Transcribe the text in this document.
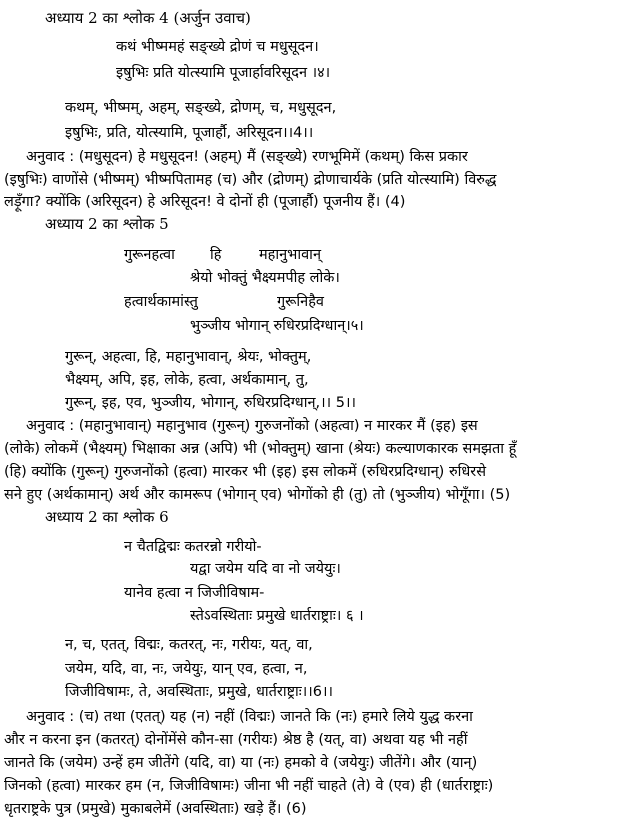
अध्याय 2 का श्लोक 4 (अर्जुन उवाच)
कथं भीष्ममहं सङ्ख्ये द्रोणं च मधुसूदन।
इषुभिः प्रति योत्स्यामि पूजार्हावरिसूदन ।४।
कथम्, भीष्मम्, अहम्, सङ्ख्ये, द्रोणम्, च, मधुसूदन,
इषुभिः, प्रति, योत्स्यामि, पूजार्हौ, अरिसूदन।।4।।
अनुवाद : (मधुसूदन) हे मधुसूदन! (अहम्) मैं (सङ्ख्ये) रणभूमिमें (कथम्) किस प्रकार
(इषुभिः) वाणोंसे (भीष्मम्) भीष्मपितामह (च) और (द्रोणम्) द्रोणाचार्यके (प्रति योत्स्यामि) विरुद्ध
लड़ूँगा? क्योंकि (अरिसूदन) हे अरिसूदन! वे दोनों ही (पूजार्हौ) पूजनीय हैं। (4)
अध्याय 2 का श्लोक 5
गुरूनहत्वा हि	महानुभावान्
श्रेयो भोक्तुं भैक्ष्यमपीह लोके।
हत्वार्थकामांस्तु	गुरूनिहैव
भुञ्जीय भोगान् रुधिरप्रदिग्धान्।५।
गुरून्, अहत्वा, हि, महानुभावान्, श्रेयः, भोक्तुम्,
भैक्ष्यम्, अपि, इह, लोके, हत्वा, अर्थकामान्, तु,
गुरून्, इह, एव, भुञ्जीय, भोगान्, रुधिरप्रदिग्धान्,।। 5।।
अनुवाद : (महानुभावान्) महानुभाव (गुरून्) गुरुजनोंको (अहत्वा) न मारकर मैं (इह) इस
(लोके) लोकमें (भैक्ष्यम्) भिक्षाका अन्न (अपि) भी (भोक्तुम्) खाना (श्रेयः) कल्याणकारक समझता हूँ
(हि) क्योंकि (गुरून्) गुरुजनोंको (हत्वा) मारकर भी (इह) इस लोकमें (रुधिरप्रदिग्धान्) रुधिरसे
सने हुए (अर्थकामान्) अर्थ और कामरूप (भोगान् एव) भोगोंको ही (तु) तो (भुञ्जीय) भोगूँगा। (5)
अध्याय 2 का श्लोक 6
न चैतद्विद्मः कतरन्नो गरीयो-
यद्वा जयेम यदि वा नो जयेयुः।
यानेव हत्वा न जिजीविषाम-
स्तेऽवस्थिताः प्रमुखे धार्तराष्ट्राः। ६ ।
न, च, एतत्, विद्मः, कतरत्, नः, गरीयः, यत्, वा,
जयेम, यदि, वा, नः, जयेयुः, यान् एव, हत्वा, न,
जिजीविषामः, ते, अवस्थिताः, प्रमुखे, धार्तराष्ट्राः।।6।।
अनुवाद : (च) तथा (एतत्) यह (न) नहीं (विद्मः) जानते कि (नः) हमारे लिये युद्ध करना
और न करना इन (कतरत्) दोनोंमेंसे कौन-सा (गरीयः) श्रेष्ठ है (यत्, वा) अथवा यह भी नहीं
जानते कि (जयेम) उन्हें हम जीतेंगे (यदि, वा) या (नः) हमको वे (जयेयुः) जीतेंगे। और (यान्)
जिनको (हत्वा) मारकर हम (न, जिजीविषामः) जीना भी नहीं चाहते (ते) वे (एव) ही (धार्तराष्ट्राः)
धृतराष्ट्रके पुत्र (प्रमुखे) मुकाबलेमें (अवस्थिताः) खड़े हैं। (6)
